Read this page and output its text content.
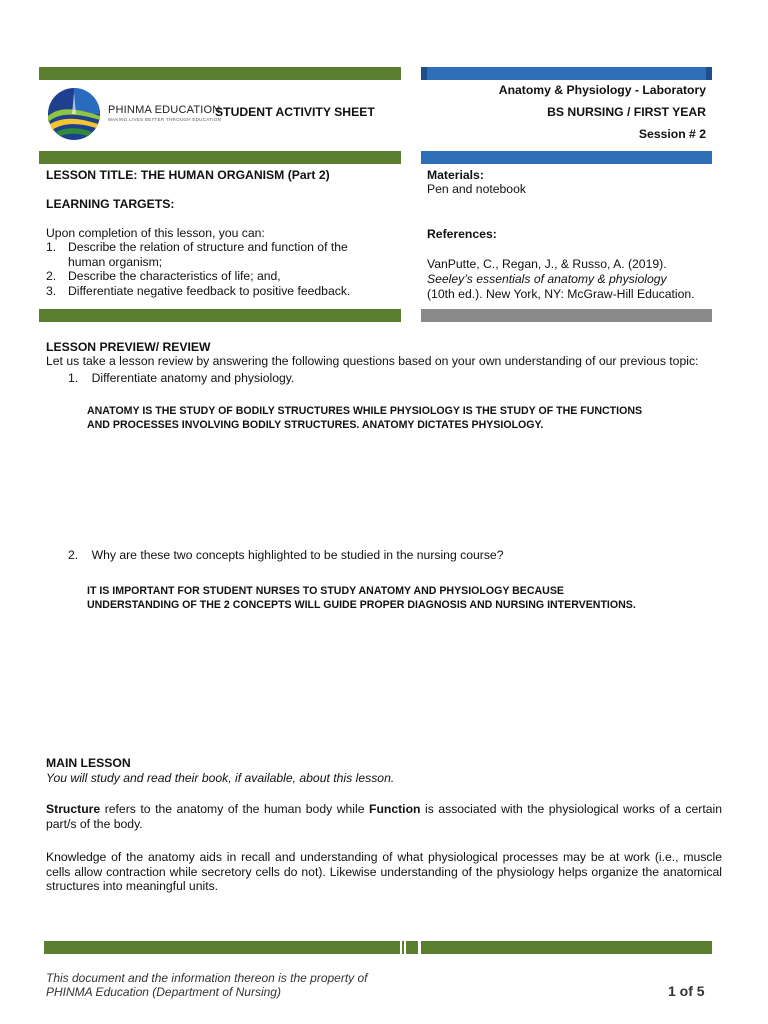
PHINMA EDUCATION
MAKING LIVES BETTER THROUGH EDUCATION
STUDENT ACTIVITY SHEET
Anatomy & Physiology - Laboratory
BS NURSING / FIRST YEAR
Session # 2
LESSON TITLE: THE HUMAN ORGANISM (Part 2)
LEARNING TARGETS:
Upon completion of this lesson, you can:
1. Describe the relation of structure and function of the
human organism;
2. Describe the characteristics of life; and,
3. Differentiate negative feedback to positive feedback.
Materials:
Pen and notebook
References:
VanPutte, C., Regan, J., & Russo, A. (2019).
Seeley’s essentials of anatomy & physiology
(10th ed.). New York, NY: McGraw-Hill Education.
LESSON PREVIEW/ REVIEW
Let us take a lesson review by answering the following questions based on your own understanding of our previous topic:
1. Differentiate anatomy and physiology.
ANATOMY IS THE STUDY OF BODILY STRUCTURES WHILE PHYSIOLOGY IS THE STUDY OF THE FUNCTIONS
AND PROCESSES INVOLVING BODILY STRUCTURES. ANATOMY DICTATES PHYSIOLOGY.
2. Why are these two concepts highlighted to be studied in the nursing course?
IT IS IMPORTANT FOR STUDENT NURSES TO STUDY ANATOMY AND PHYSIOLOGY BECAUSE
UNDERSTANDING OF THE 2 CONCEPTS WILL GUIDE PROPER DIAGNOSIS AND NURSING INTERVENTIONS.
MAIN LESSON
You will study and read their book, if available, about this lesson.

Structure refers to the anatomy of the human body while Function is associated with the physiological works of a certain part/s of the body.

Knowledge of the anatomy aids in recall and understanding of what physiological processes may be at work (i.e., muscle cells allow contraction while secretory cells do not). Likewise understanding of the physiology helps organize the anatomical structures into meaningful units.

This document and the information thereon is the property of
PHINMA Education (Department of Nursing)	1 of 5
